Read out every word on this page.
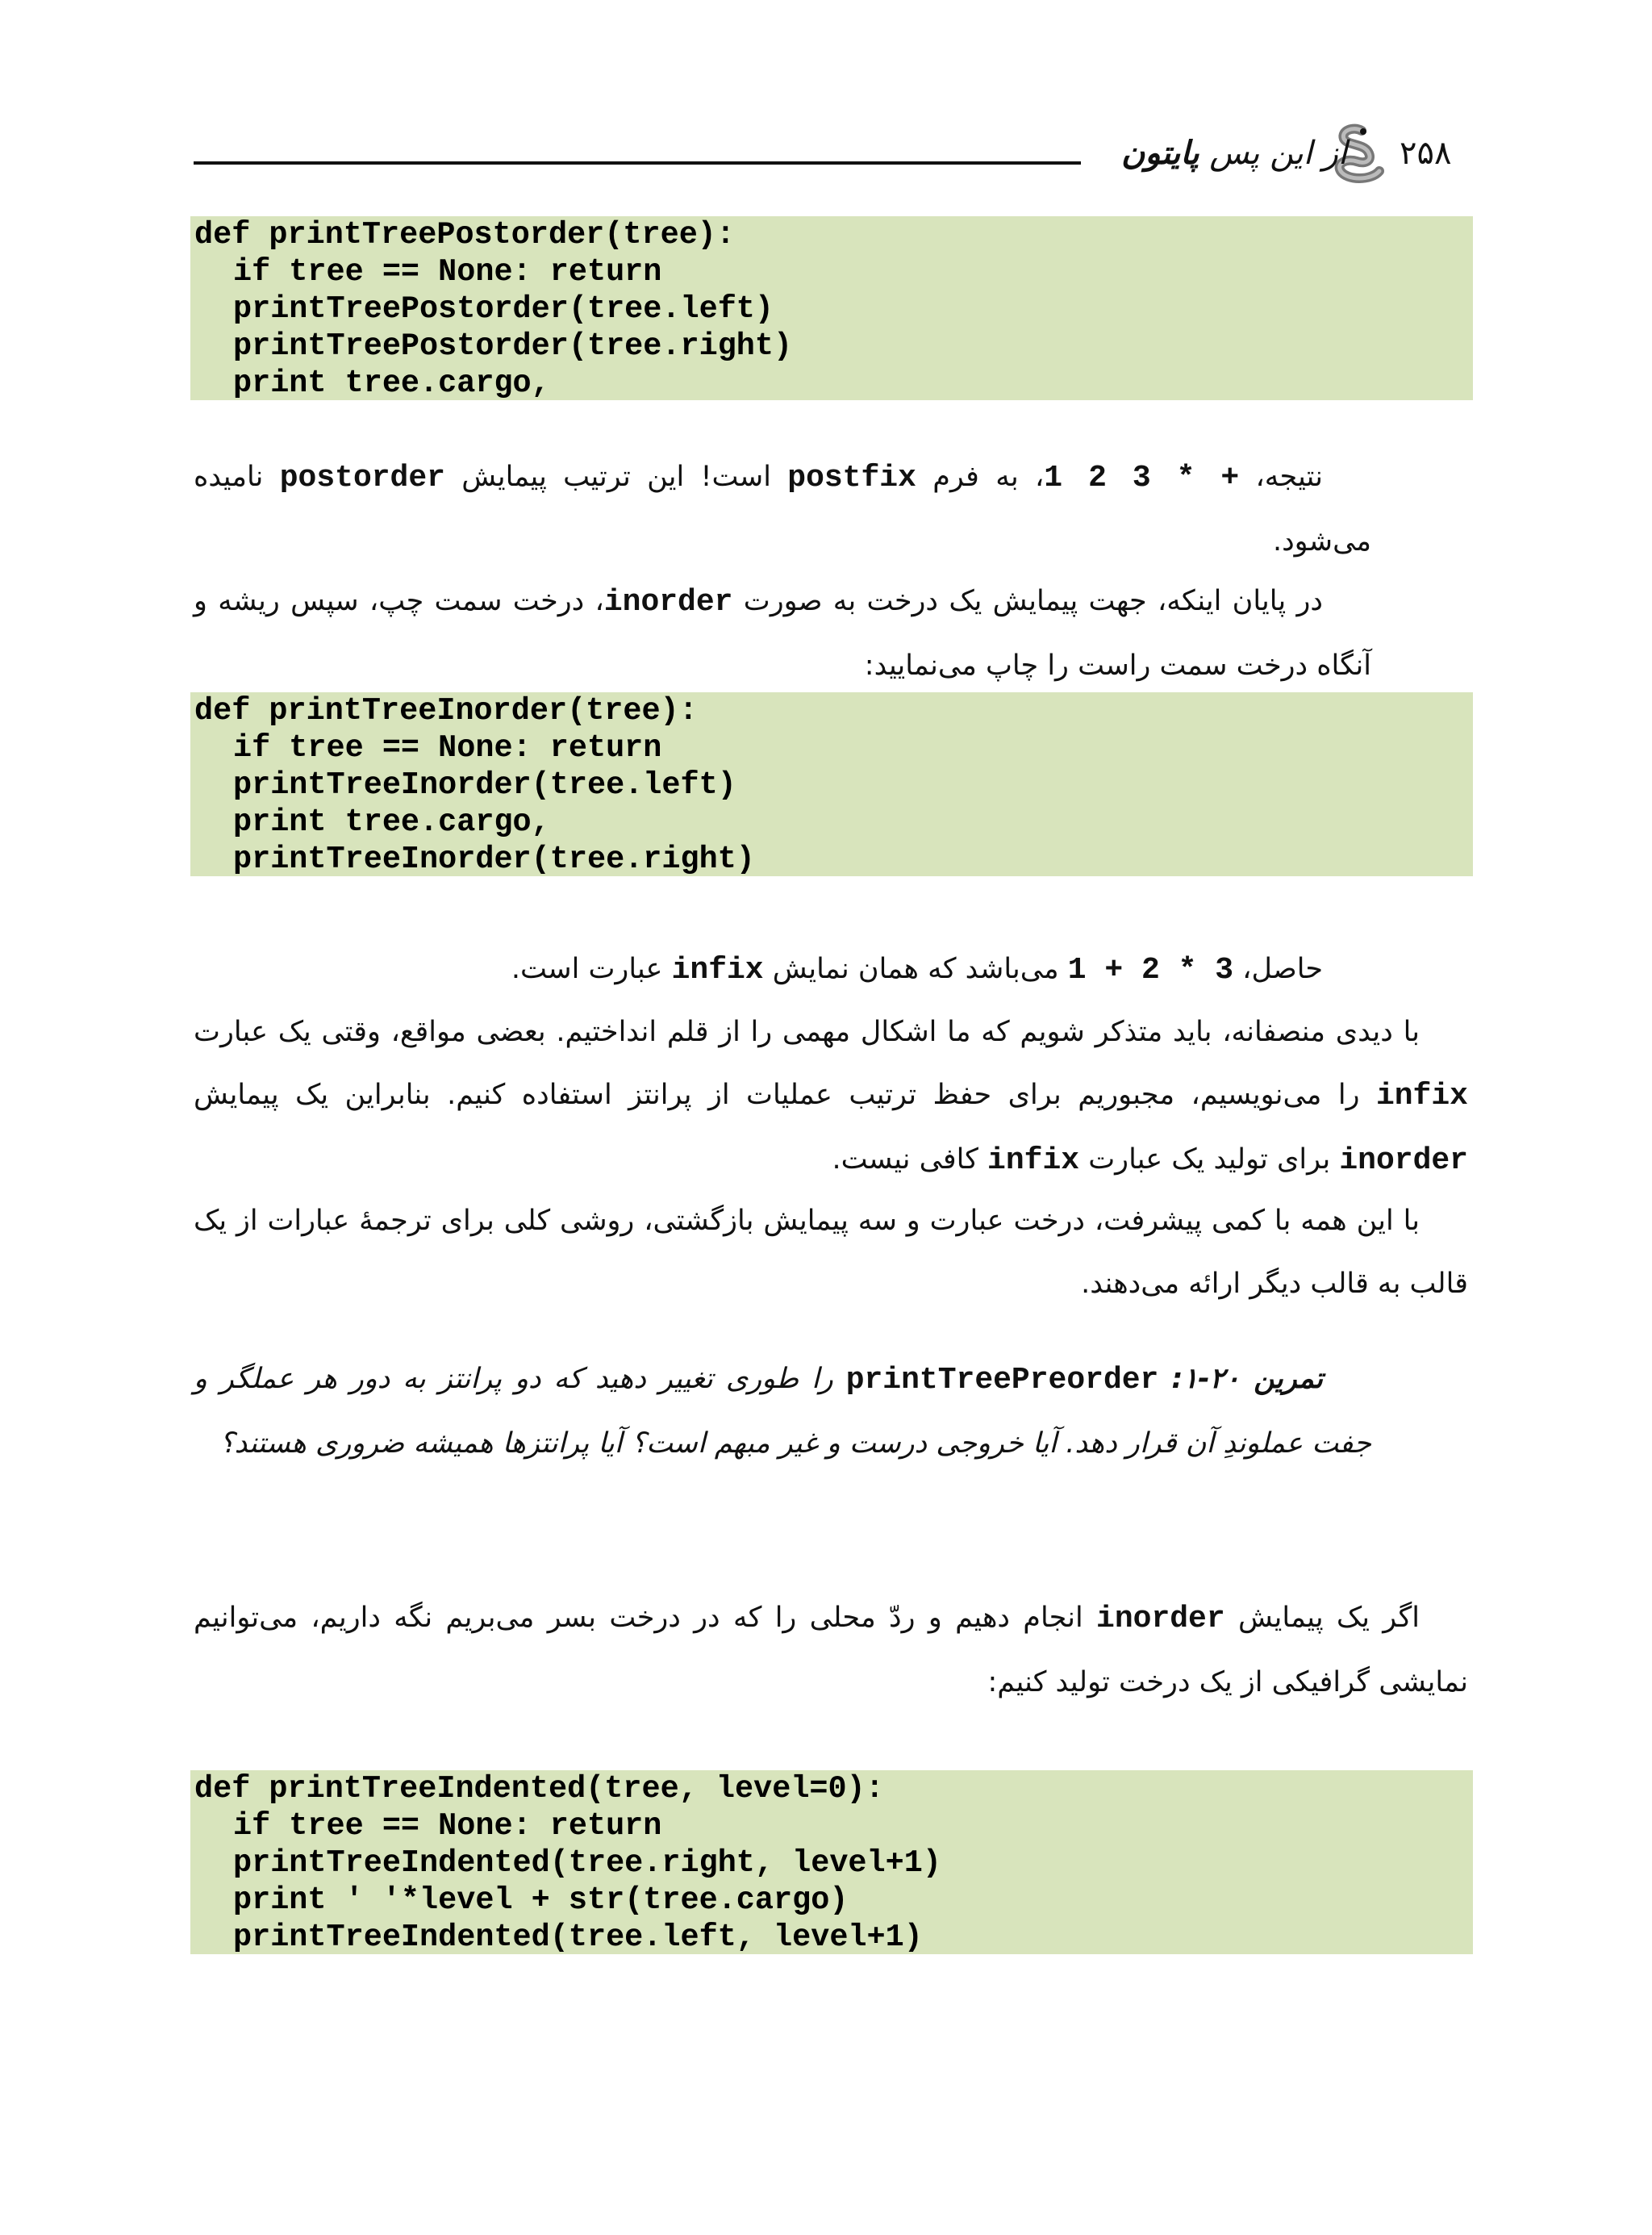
۲۵۸
از این پس پایتون
def printTreePostorder(tree):
if tree == None: return
printTreePostorder(tree.left)
printTreePostorder(tree.right)
print tree.cargo,

نتیجه، 1 2 3 * +، به فرم postfix است! این ترتیب پیمایش postorder نامیده می‌شود.

در پایان اینکه، جهت پیمایش یک درخت به صورت inorder، درخت سمت چپ، سپس ریشه و آنگاه درخت سمت راست را چاپ می‌نمایید:

def printTreeInorder(tree):
if tree == None: return
printTreeInorder(tree.left)
print tree.cargo,
printTreeInorder(tree.right)

حاصل، 1 + 2 * 3 می‌باشد که همان نمایش infix عبارت است.

با دیدی منصفانه، باید متذکر شویم که ما اشکال مهمی را از قلم انداختیم. بعضی مواقع، وقتی یک عبارت infix را می‌نویسیم، مجبوریم برای حفظ ترتیب عملیات از پرانتز استفاده کنیم. بنابراین یک پیمایش inorder برای تولید یک عبارت infix کافی نیست.

با این همه با کمی پیشرفت، درخت عبارت و سه پیمایش بازگشتی، روشی کلی برای ترجمهٔ عبارات از یک قالب به قالب دیگر ارائه می‌دهند.

تمرین ۲۰-۱: printTreePreorder را طوری تغییر دهید که دو پرانتز به دور هر عملگر و جفت عملوندِ آن قرار دهد. آیا خروجی درست و غیر مبهم است؟ آیا پرانتزها همیشه ضروری هستند؟

اگر یک پیمایش inorder انجام دهیم و ردّ محلی را که در درخت بسر می‌بریم نگه داریم، می‌توانیم نمایشی گرافیکی از یک درخت تولید کنیم:

def printTreeIndented(tree, level=0):
if tree == None: return
printTreeIndented(tree.right, level+1)
print ' '*level + str(tree.cargo)
printTreeIndented(tree.left, level+1)
